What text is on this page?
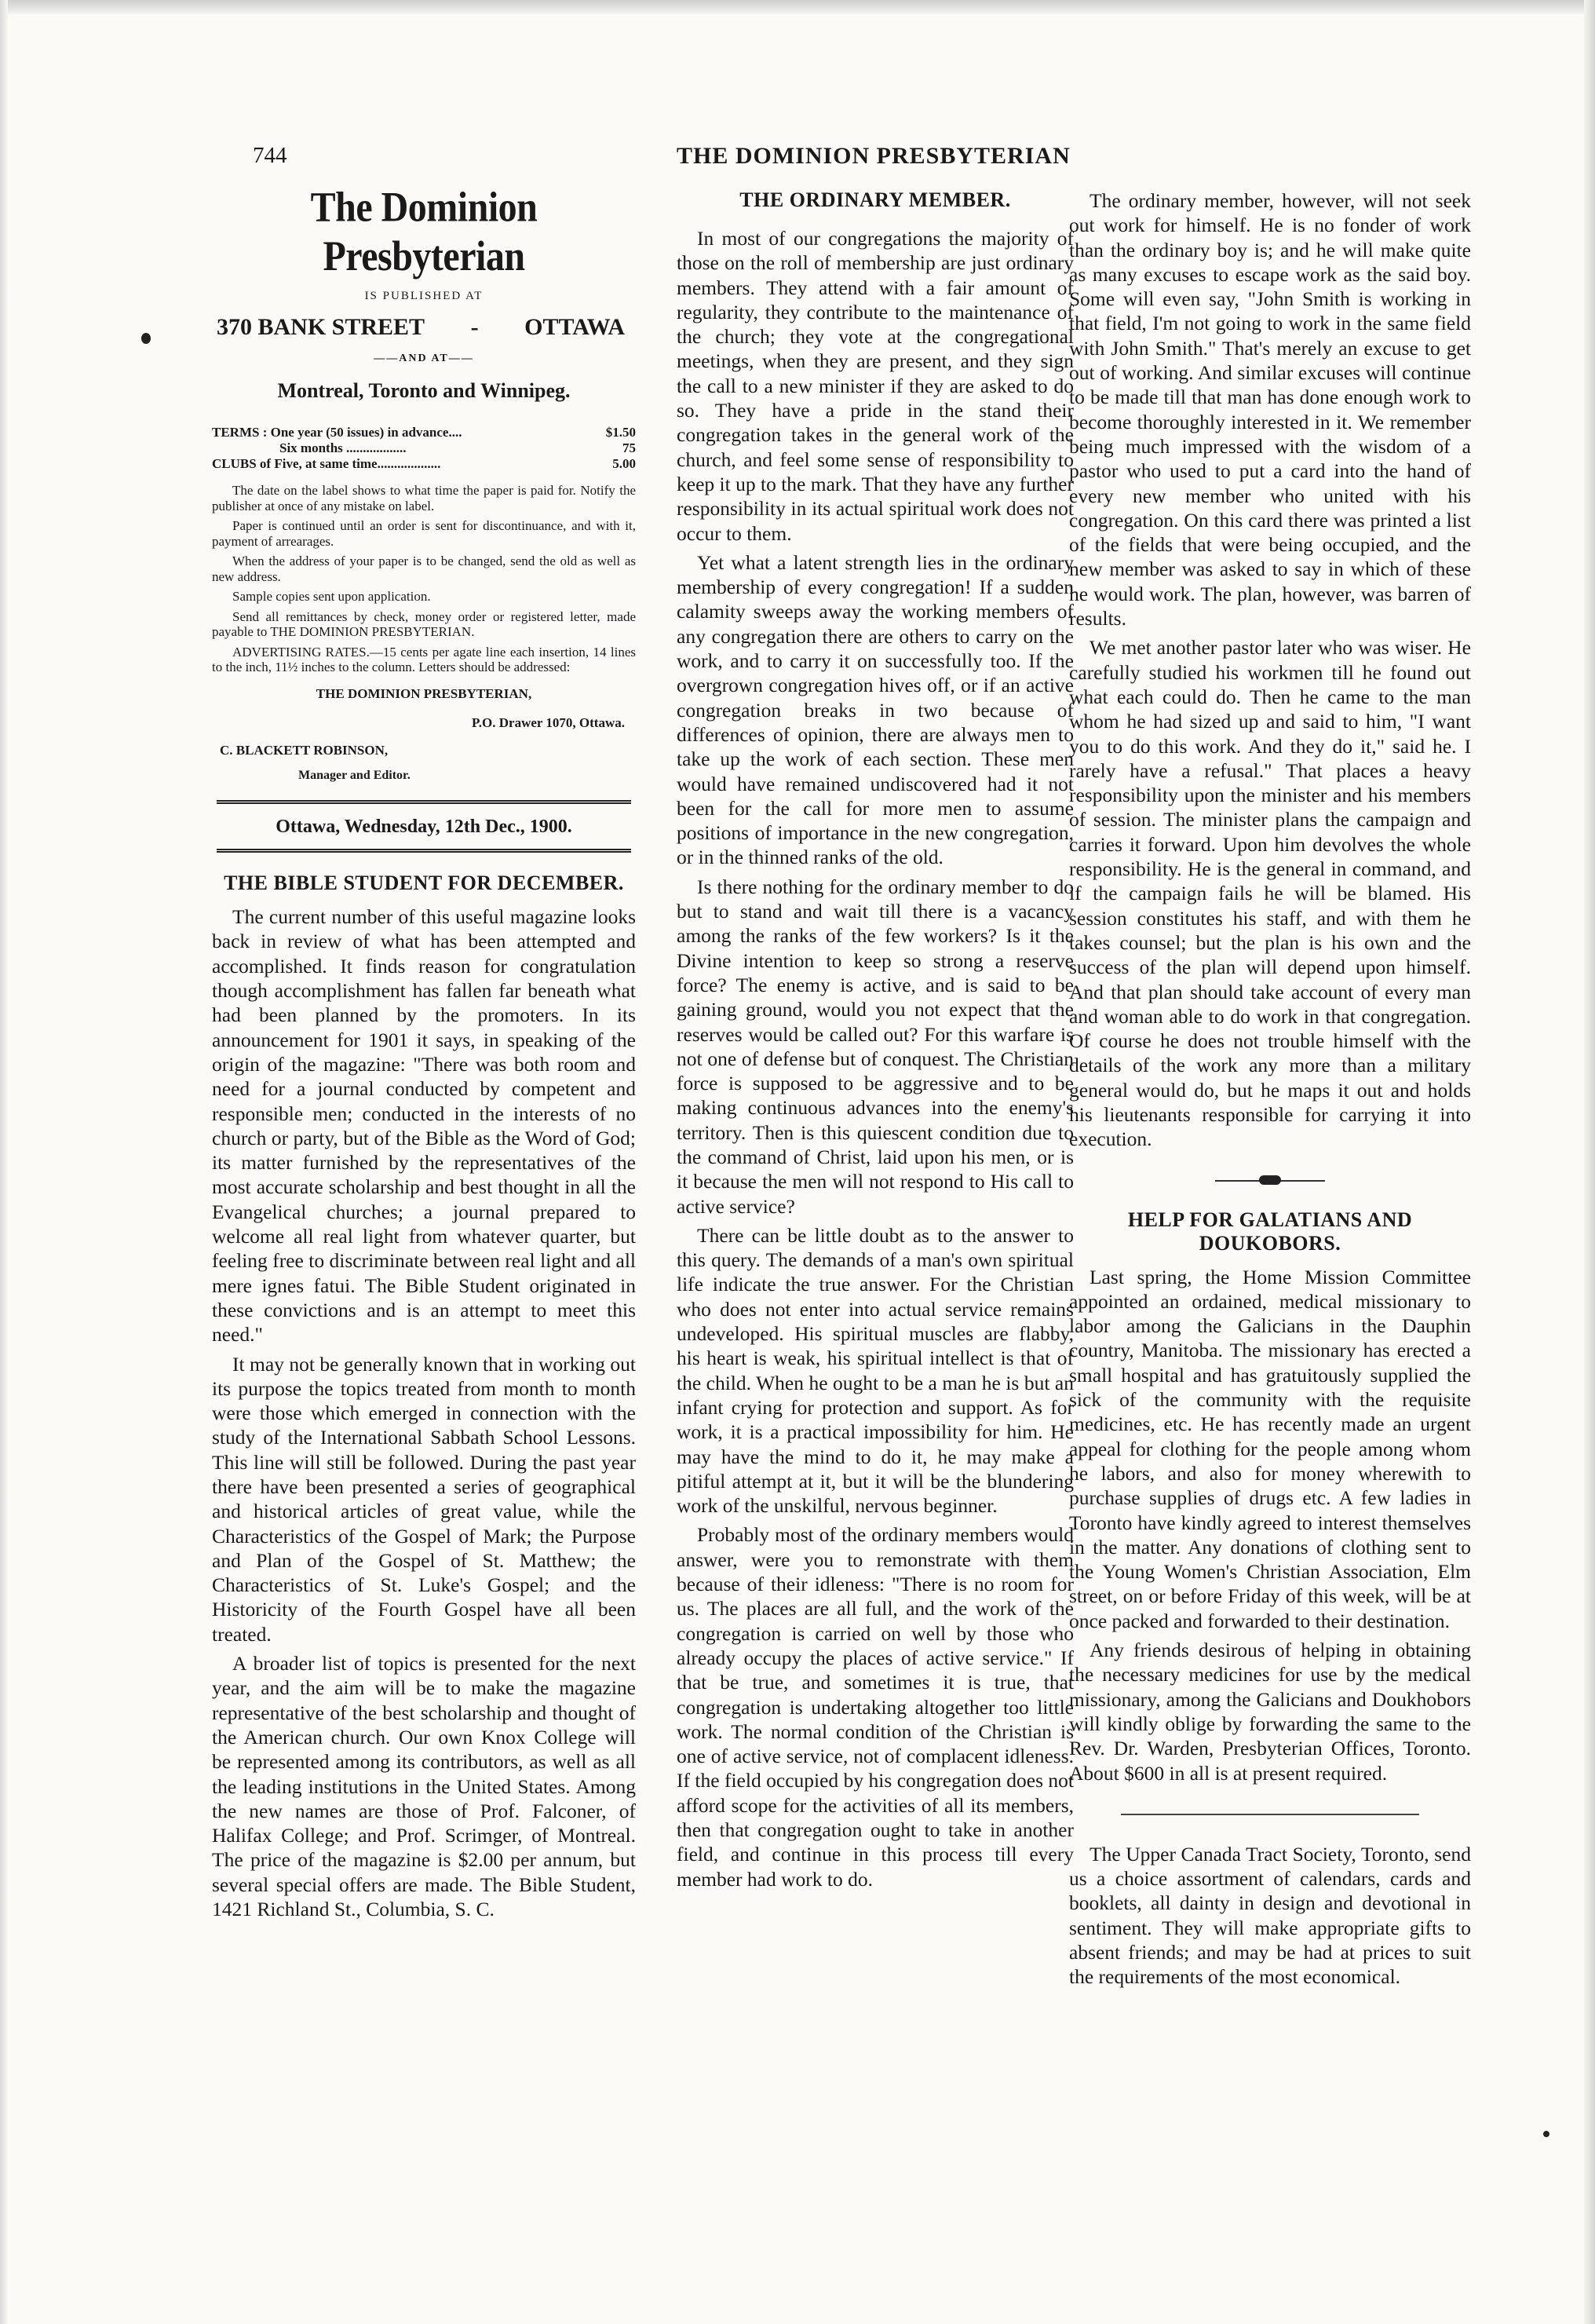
744	THE DOMINION PRESBYTERIAN
The Dominion Presbyterian
IS PUBLISHED AT
370 BANK STREET - OTTAWA
——AND AT——
Montreal, Toronto and Winnipeg.
TERMS : One year (50 issues) in advance....	$1.50
Six months ..................	75
CLUBS of Five, at same time...................	5.00

The date on the label shows to what time the paper is paid for. Notify the publisher at once of any mistake on label.

Paper is continued until an order is sent for discontinuance, and with it, payment of arrearages.

When the address of your paper is to be changed, send the old as well as new address.

Sample copies sent upon application.

Send all remittances by check, money order or registered letter, made payable to THE DOMINION PRESBYTERIAN.

ADVERTISING RATES.—15 cents per agate line each insertion, 14 lines to the inch, 11½ inches to the column. Letters should be addressed:

THE DOMINION PRESBYTERIAN,
P.O. Drawer 1070, Ottawa.
C. BLACKETT ROBINSON,
Manager and Editor.
Ottawa, Wednesday, 12th Dec., 1900.
THE BIBLE STUDENT FOR DECEMBER.

The current number of this useful magazine looks back in review of what has been attempted and accomplished. It finds reason for congratulation though accomplishment has fallen far beneath what had been planned by the promoters. In its announcement for 1901 it says, in speaking of the origin of the magazine: "There was both room and need for a journal conducted by competent and responsible men; conducted in the interests of no church or party, but of the Bible as the Word of God; its matter furnished by the representatives of the most accurate scholarship and best thought in all the Evangelical churches; a journal prepared to welcome all real light from whatever quarter, but feeling free to discriminate between real light and all mere ignes fatui. The Bible Student originated in these convictions and is an attempt to meet this need."

It may not be generally known that in working out its purpose the topics treated from month to month were those which emerged in connection with the study of the International Sabbath School Lessons. This line will still be followed. During the past year there have been presented a series of geographical and historical articles of great value, while the Characteristics of the Gospel of Mark; the Purpose and Plan of the Gospel of St. Matthew; the Characteristics of St. Luke's Gospel; and the Historicity of the Fourth Gospel have all been treated.

A broader list of topics is presented for the next year, and the aim will be to make the magazine representative of the best scholarship and thought of the American church. Our own Knox College will be represented among its contributors, as well as all the leading institutions in the United States. Among the new names are those of Prof. Falconer, of Halifax College; and Prof. Scrimger, of Montreal. The price of the magazine is $2.00 per annum, but several special offers are made. The Bible Student, 1421 Richland St., Columbia, S. C.

THE ORDINARY MEMBER.

In most of our congregations the majority of those on the roll of membership are just ordinary members. They attend with a fair amount of regularity, they contribute to the maintenance of the church; they vote at the congregational meetings, when they are present, and they sign the call to a new minister if they are asked to do so. They have a pride in the stand their congregation takes in the general work of the church, and feel some sense of responsibility to keep it up to the mark. That they have any further responsibility in its actual spiritual work does not occur to them.

Yet what a latent strength lies in the ordinary membership of every congregation! If a sudden calamity sweeps away the working members of any congregation there are others to carry on the work, and to carry it on successfully too. If the overgrown congregation hives off, or if an active congregation breaks in two because of differences of opinion, there are always men to take up the work of each section. These men would have remained undiscovered had it not been for the call for more men to assume positions of importance in the new congregation, or in the thinned ranks of the old.

Is there nothing for the ordinary member to do but to stand and wait till there is a vacancy among the ranks of the few workers? Is it the Divine intention to keep so strong a reserve force? The enemy is active, and is said to be gaining ground, would you not expect that the reserves would be called out? For this warfare is not one of defense but of conquest. The Christian force is supposed to be aggressive and to be making continuous advances into the enemy's territory. Then is this quiescent condition due to the command of Christ, laid upon his men, or is it because the men will not respond to His call to active service?

There can be little doubt as to the answer to this query. The demands of a man's own spiritual life indicate the true answer. For the Christian who does not enter into actual service remains undeveloped. His spiritual muscles are flabby, his heart is weak, his spiritual intellect is that of the child. When he ought to be a man he is but an infant crying for protection and support. As for work, it is a practical impossibility for him. He may have the mind to do it, he may make a pitiful attempt at it, but it will be the blundering work of the unskilful, nervous beginner.

Probably most of the ordinary members would answer, were you to remonstrate with them because of their idleness: "There is no room for us. The places are all full, and the work of the congregation is carried on well by those who already occupy the places of active service." If that be true, and sometimes it is true, that congregation is undertaking altogether too little work. The normal condition of the Christian is one of active service, not of complacent idleness. If the field occupied by his congregation does not afford scope for the activities of all its members, then that congregation ought to take in another field, and continue in this process till every member had work to do.

The ordinary member, however, will not seek out work for himself. He is no fonder of work than the ordinary boy is; and he will make quite as many excuses to escape work as the said boy. Some will even say, "John Smith is working in that field, I'm not going to work in the same field with John Smith." That's merely an excuse to get out of working. And similar excuses will continue to be made till that man has done enough work to become thoroughly interested in it. We remember being much impressed with the wisdom of a pastor who used to put a card into the hand of every new member who united with his congregation. On this card there was printed a list of the fields that were being occupied, and the new member was asked to say in which of these he would work. The plan, however, was barren of results.

We met another pastor later who was wiser. He carefully studied his workmen till he found out what each could do. Then he came to the man whom he had sized up and said to him, "I want you to do this work. And they do it," said he. I rarely have a refusal." That places a heavy responsibility upon the minister and his members of session. The minister plans the campaign and carries it forward. Upon him devolves the whole responsibility. He is the general in command, and if the campaign fails he will be blamed. His session constitutes his staff, and with them he takes counsel; but the plan is his own and the success of the plan will depend upon himself. And that plan should take account of every man and woman able to do work in that congregation. Of course he does not trouble himself with the details of the work any more than a military general would do, but he maps it out and holds his lieutenants responsible for carrying it into execution.

HELP FOR GALATIANS AND DOUKOBORS.

Last spring, the Home Mission Committee appointed an ordained, medical missionary to labor among the Galicians in the Dauphin country, Manitoba. The missionary has erected a small hospital and has gratuitously supplied the sick of the community with the requisite medicines, etc. He has recently made an urgent appeal for clothing for the people among whom he labors, and also for money wherewith to purchase supplies of drugs etc. A few ladies in Toronto have kindly agreed to interest themselves in the matter. Any donations of clothing sent to the Young Women's Christian Association, Elm street, on or before Friday of this week, will be at once packed and forwarded to their destination.

Any friends desirous of helping in obtaining the necessary medicines for use by the medical missionary, among the Galicians and Doukhobors will kindly oblige by forwarding the same to the Rev. Dr. Warden, Presbyterian Offices, Toronto. About $600 in all is at present required.

The Upper Canada Tract Society, Toronto, send us a choice assortment of calendars, cards and booklets, all dainty in design and devotional in sentiment. They will make appropriate gifts to absent friends; and may be had at prices to suit the requirements of the most economical.
